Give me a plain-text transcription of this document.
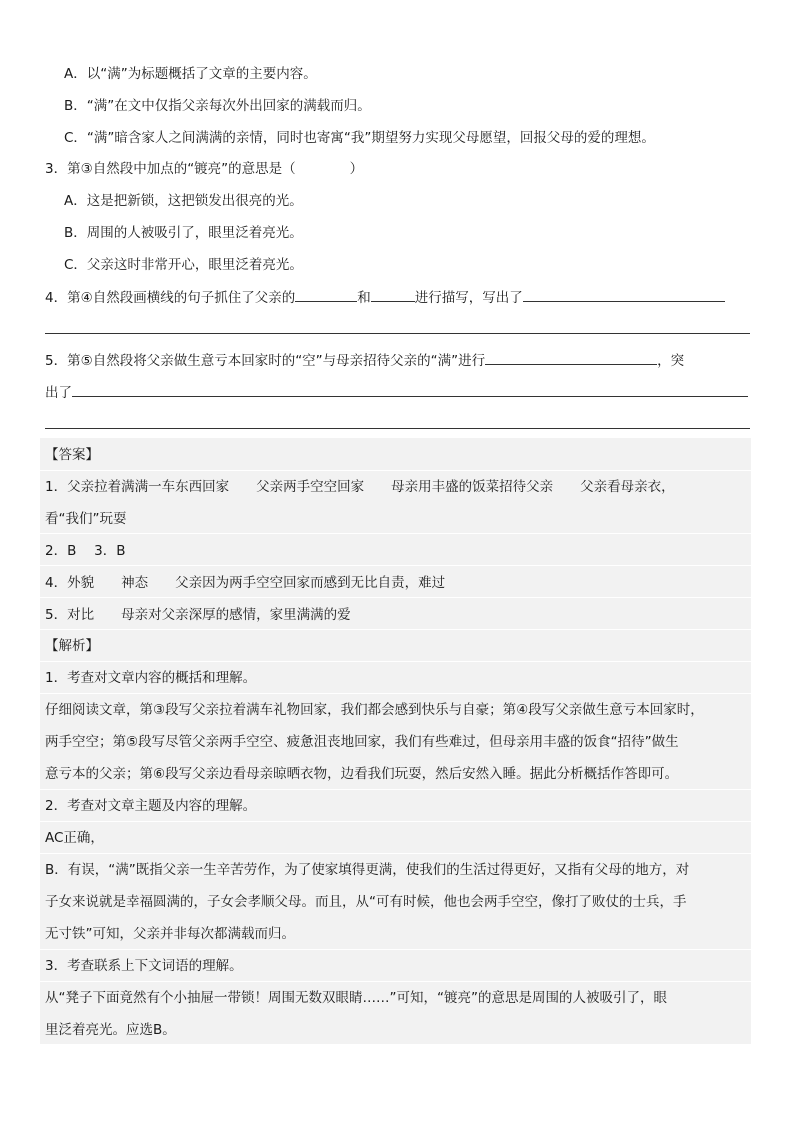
A．以“满”为标题概括了文章的主要内容。
B．“满”在文中仅指父亲每次外出回家的满载而归。
C．“满”暗含家人之间满满的亲情，同时也寄寓“我”期望努力实现父母愿望，回报父母的爱的理想。
3．第③自然段中加点的“镀亮”的意思是（　　　　）
A．这是把新锁，这把锁发出很亮的光。
B．周围的人被吸引了，眼里泛着亮光。
C．父亲这时非常开心，眼里泛着亮光。
4．第④自然段画横线的句子抓住了父亲的	和	进行描写，写出了
5．第⑤自然段将父亲做生意亏本回家时的“空”与母亲招待父亲的“满”进行	，突
出了
【答案】
1．父亲拉着满满一车东西回家　　父亲两手空空回家　　母亲用丰盛的饭菜招待父亲　　父亲看母亲衣，
看“我们”玩耍
2．B　 3．B
4．外貌　　神态　　父亲因为两手空空回家而感到无比自责，难过
5．对比　　母亲对父亲深厚的感情，家里满满的爱
【解析】
1．考查对文章内容的概括和理解。
仔细阅读文章，第③段写父亲拉着满车礼物回家，我们都会感到快乐与自豪；第④段写父亲做生意亏本回家时，
两手空空；第⑤段写尽管父亲两手空空、疲惫沮丧地回家，我们有些难过，但母亲用丰盛的饭食“招待”做生
意亏本的父亲；第⑥段写父亲边看母亲晾晒衣物，边看我们玩耍，然后安然入睡。据此分析概括作答即可。
2．考查对文章主题及内容的理解。
AC正确，
B．有误，“满”既指父亲一生辛苦劳作，为了使家填得更满，使我们的生活过得更好，又指有父母的地方，对
子女来说就是幸福圆满的，子女会孝顺父母。而且，从“可有时候，他也会两手空空，像打了败仗的士兵，手
无寸铁”可知，父亲并非每次都满载而归。
3．考查联系上下文词语的理解。
从“凳子下面竟然有个小抽屉一带锁！周围无数双眼睛……”可知，“镀亮”的意思是周围的人被吸引了，眼
里泛着亮光。应选B。
